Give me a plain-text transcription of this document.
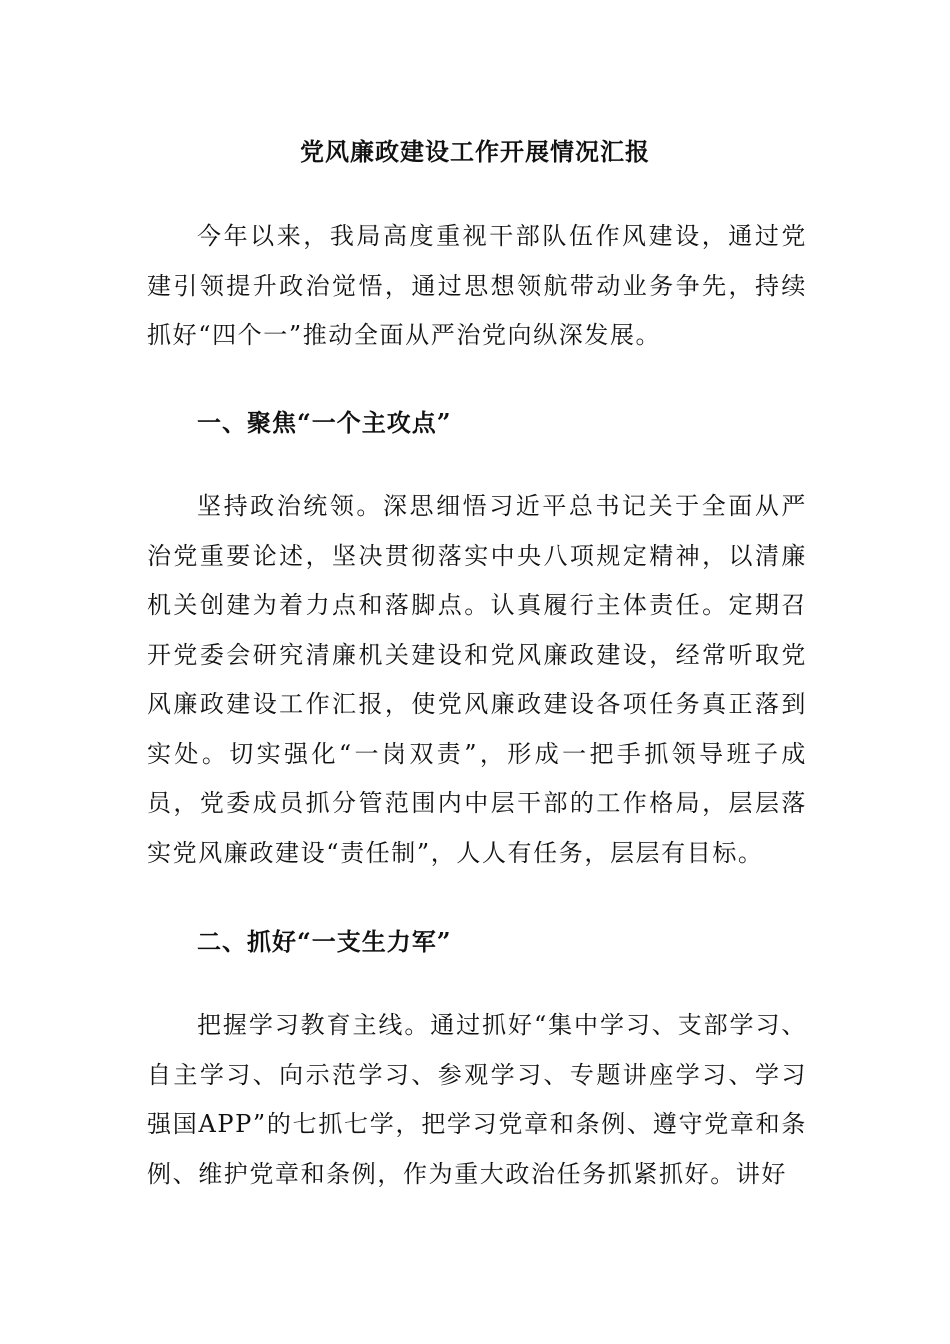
党风廉政建设工作开展情况汇报

今年以来，我局高度重视干部队伍作风建设，通过党建引领提升政治觉悟，通过思想领航带动业务争先，持续抓好“四个一”推动全面从严治党向纵深发展。

一、聚焦“一个主攻点”

坚持政治统领。深思细悟习近平总书记关于全面从严治党重要论述，坚决贯彻落实中央八项规定精神，以清廉机关创建为着力点和落脚点。认真履行主体责任。定期召开党委会研究清廉机关建设和党风廉政建设，经常听取党风廉政建设工作汇报，使党风廉政建设各项任务真正落到实处。切实强化“一岗双责”，形成一把手抓领导班子成员，党委成员抓分管范围内中层干部的工作格局，层层落实党风廉政建设“责任制”，人人有任务，层层有目标。

二、抓好“一支生力军”

把握学习教育主线。通过抓好“集中学习、支部学习、自主学习、向示范学习、参观学习、专题讲座学习、学习强国APP”的七抓七学，把学习党章和条例、遵守党章和条例、维护党章和条例，作为重大政治任务抓紧抓好。讲好
